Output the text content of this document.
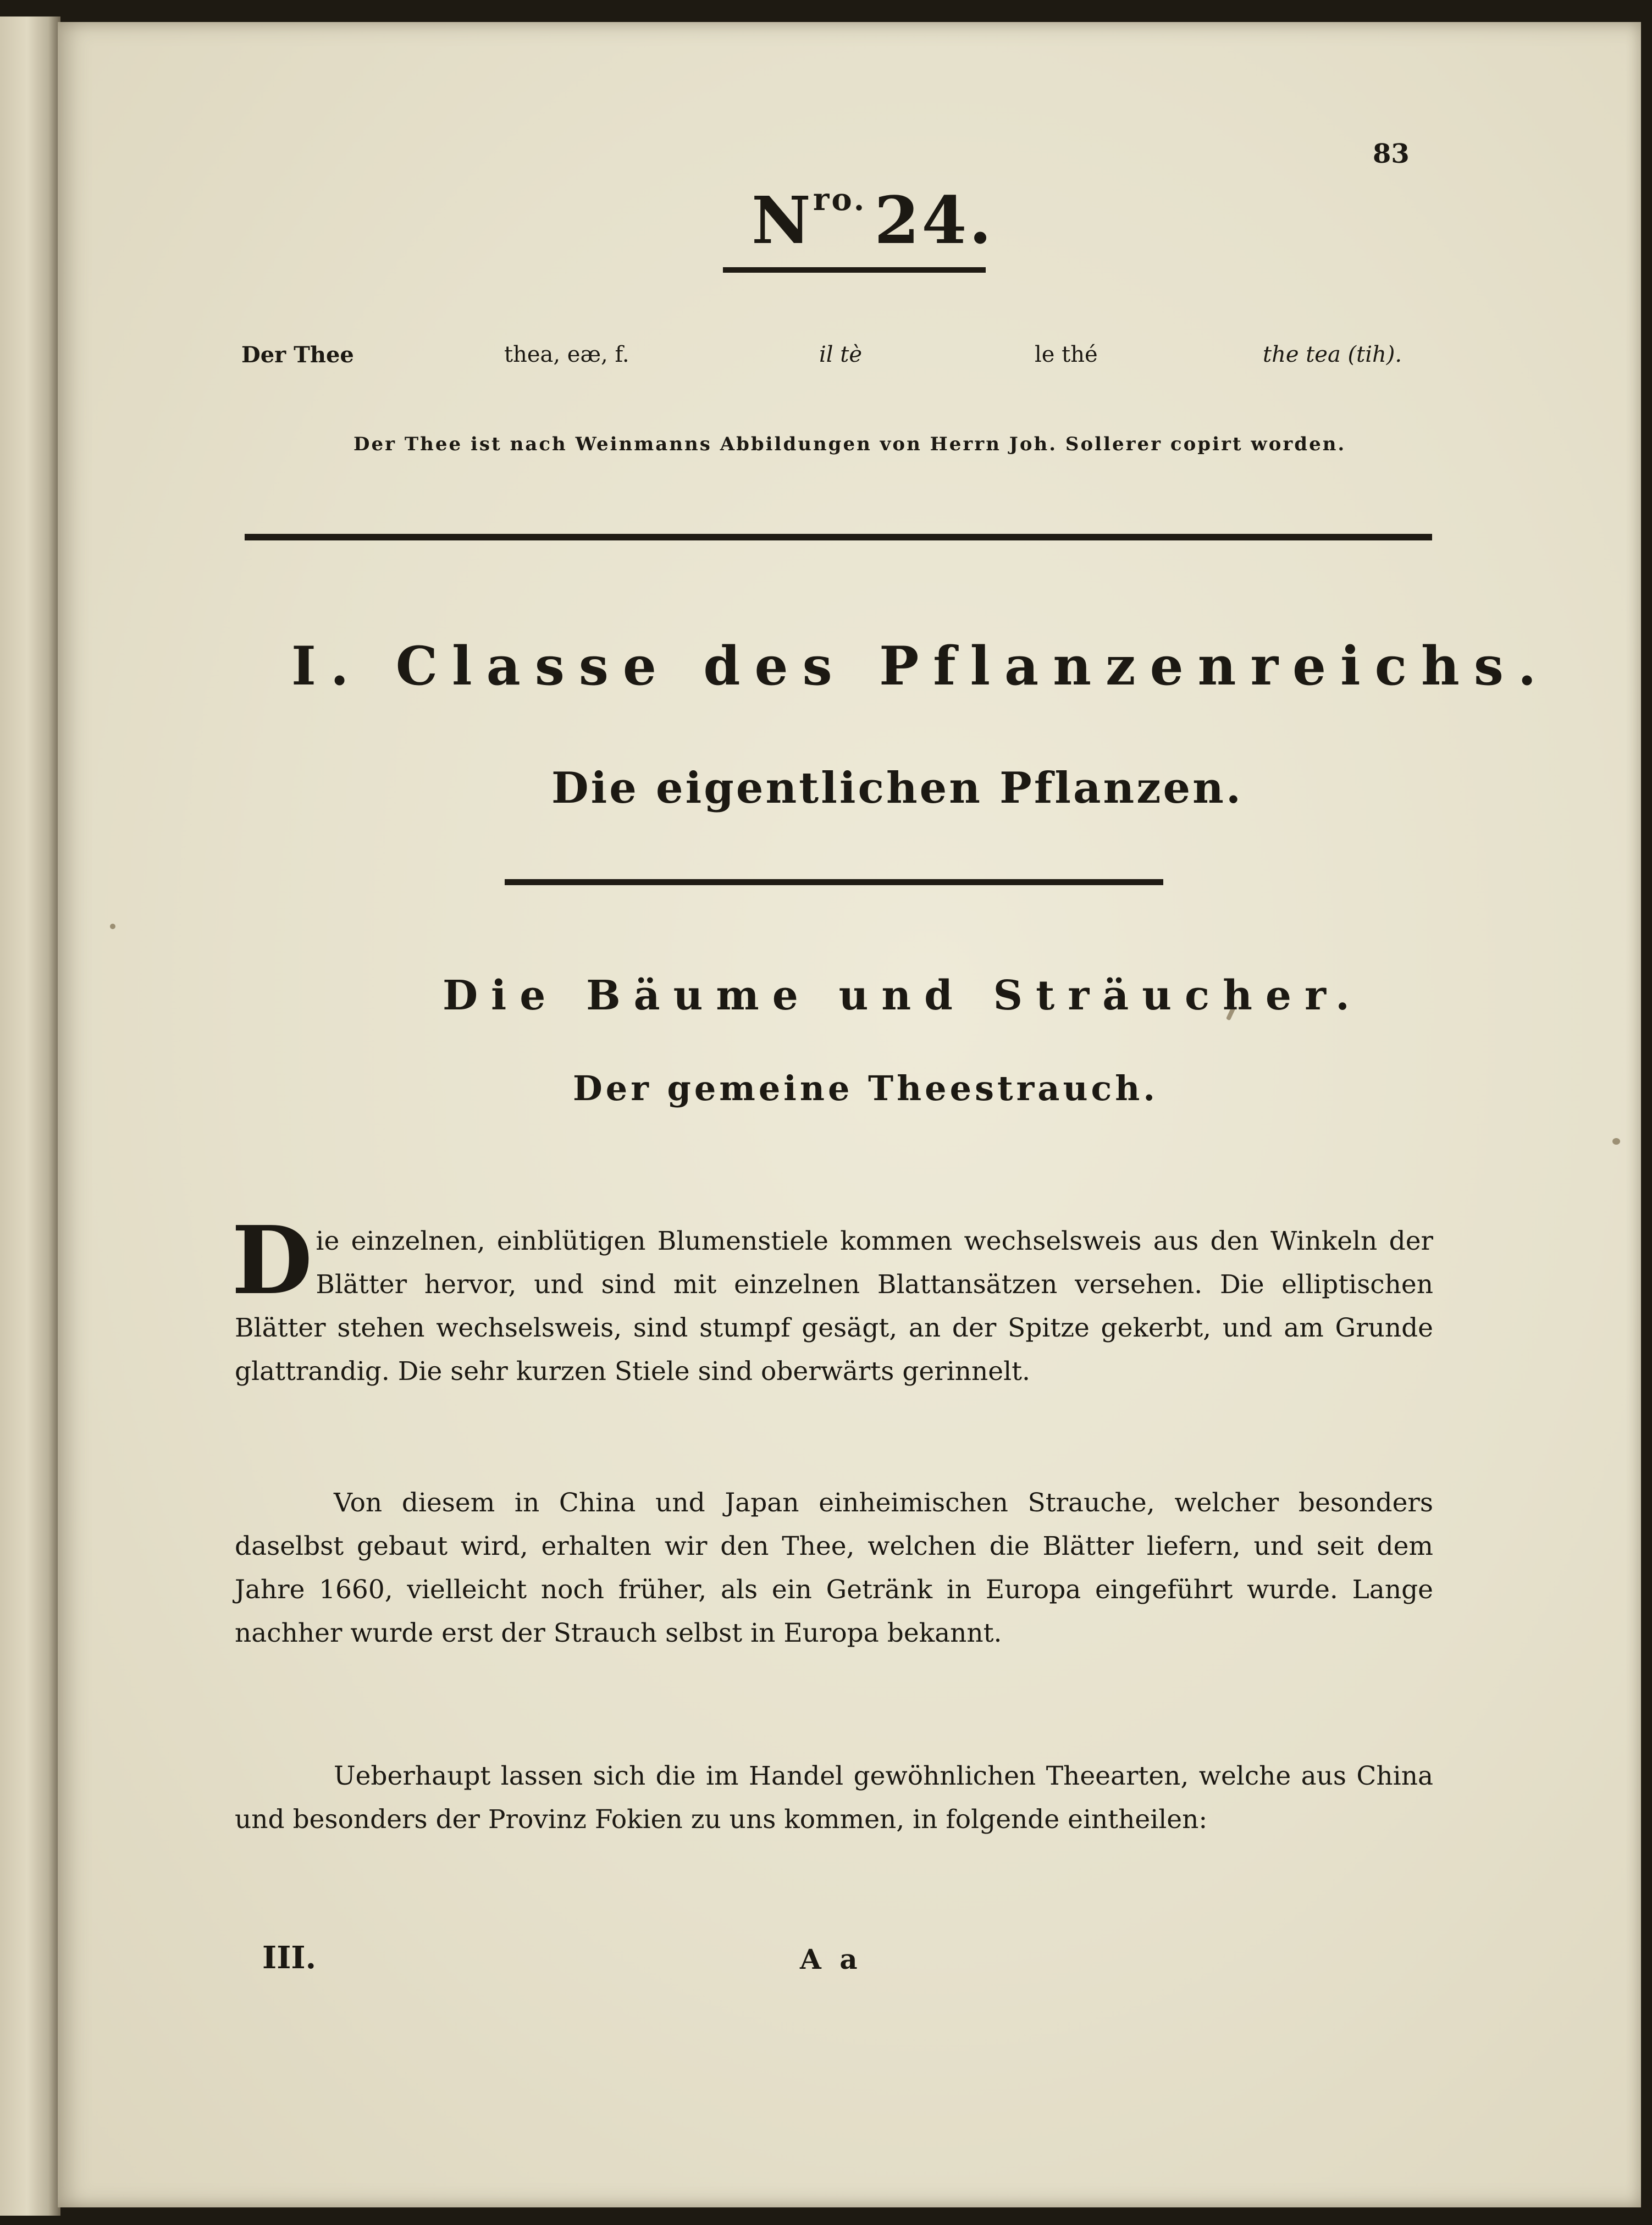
83

$N^{ro.}$ 24.

Der Thee	thea, eæ, f.	il tè	le thé	the tea (tih).

Der Thee ist nach Weinmanns Abbildungen von Herrn Joh. Sollerer copirt worden.

I. Classe des Pflanzenreichs.

Die eigentlichen Pflanzen.

Die Bäume und Sträucher.

Der gemeine Theestrauch.

Die einzelnen, einblütigen Blumenstiele kommen wechselsweis aus den Winkeln der Blätter hervor, und sind mit einzelnen Blattansätzen versehen. Die elliptischen Blätter stehen wechselsweis, sind stumpf gesägt, an der Spitze gekerbt, und am Grunde glattrandig. Die sehr kurzen Stiele sind oberwärts gerinnelt.

Von diesem in China und Japan einheimischen Strauche, welcher besonders daselbst gebaut wird, erhalten wir den Thee, welchen die Blätter liefern, und seit dem Jahre 1660, vielleicht noch früher, als ein Getränk in Europa eingeführt wurde. Lange nachher wurde erst der Strauch selbst in Europa bekannt.

Ueberhaupt lassen sich die im Handel gewöhnlichen Theearten, welche aus China und besonders der Provinz Fokien zu uns kommen, in folgende eintheilen:

III.	A a
